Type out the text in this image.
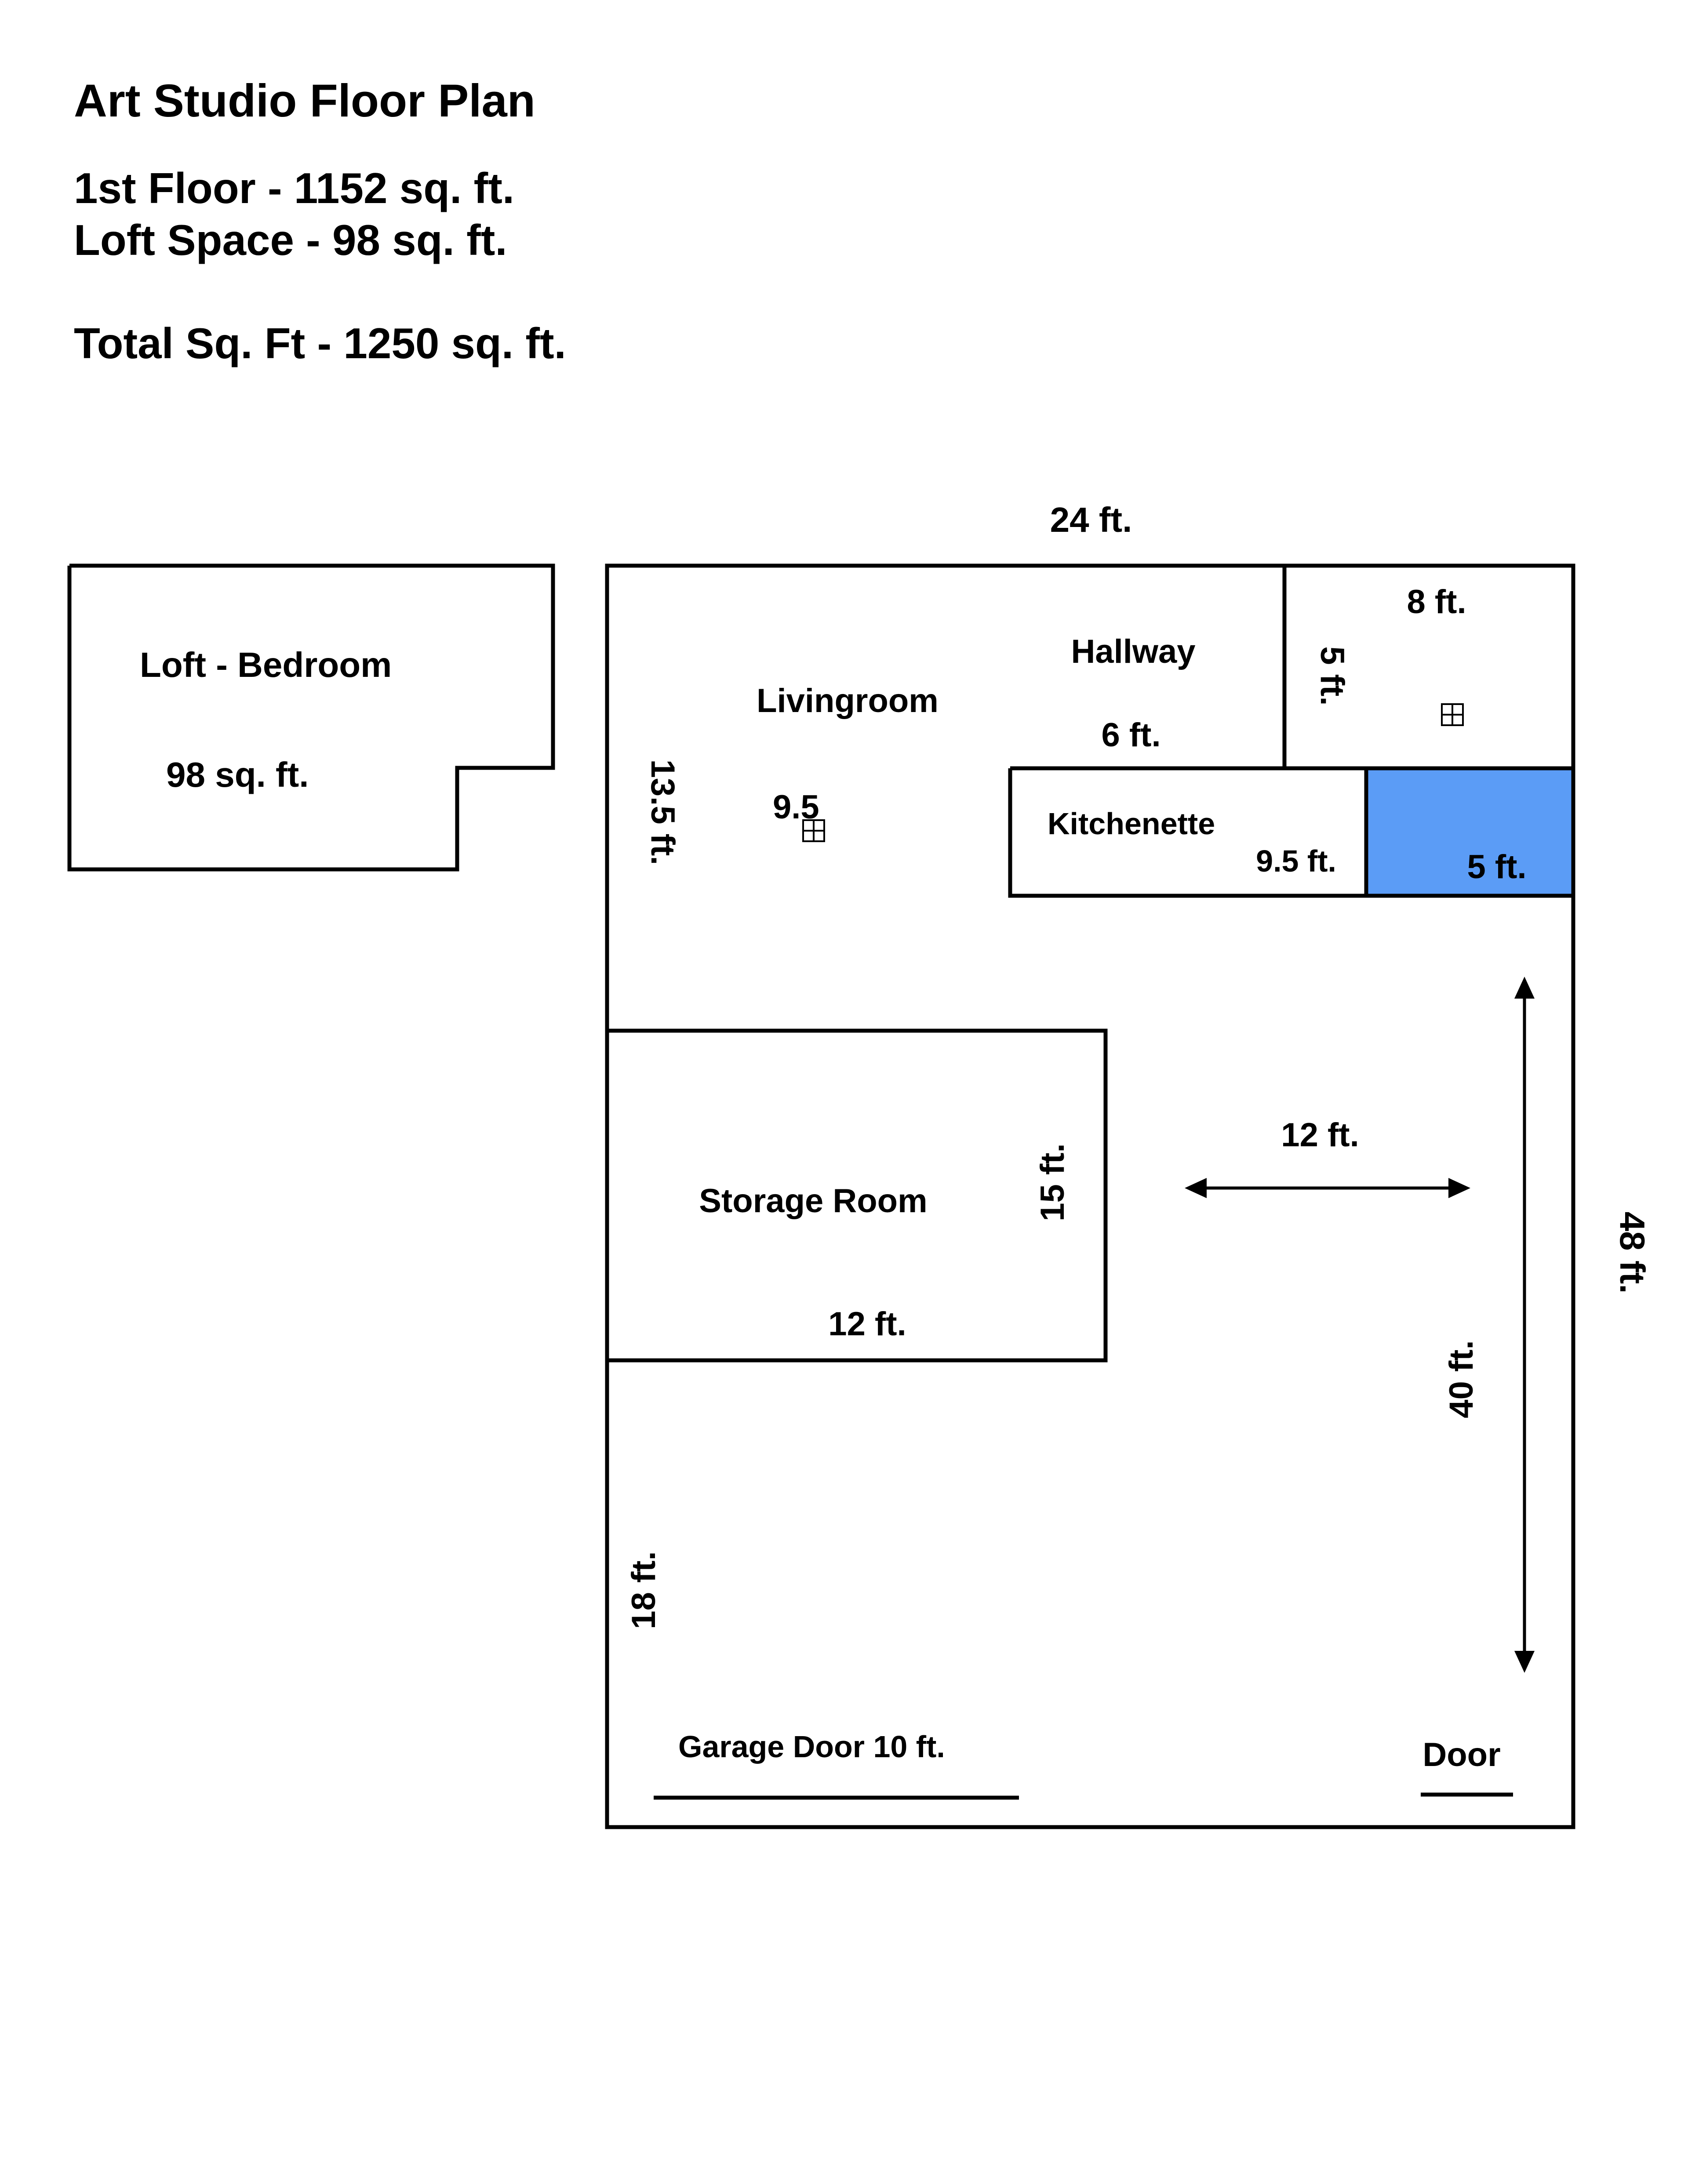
Art Studio Floor Plan
1st Floor - 1152 sq. ft.
Loft Space - 98 sq. ft.
Total Sq. Ft - 1250 sq. ft.
Loft - Bedroom
98 sq. ft.
24 ft.
48 ft.
Livingroom
9.5
13.5 ft.
Hallway
6 ft.
8 ft.
5 ft.
Kitchenette
9.5 ft.	5 ft.
Storage Room
12 ft.
15 ft.
12 ft.
40 ft.
18 ft.
Garage Door 10 ft.	Door
